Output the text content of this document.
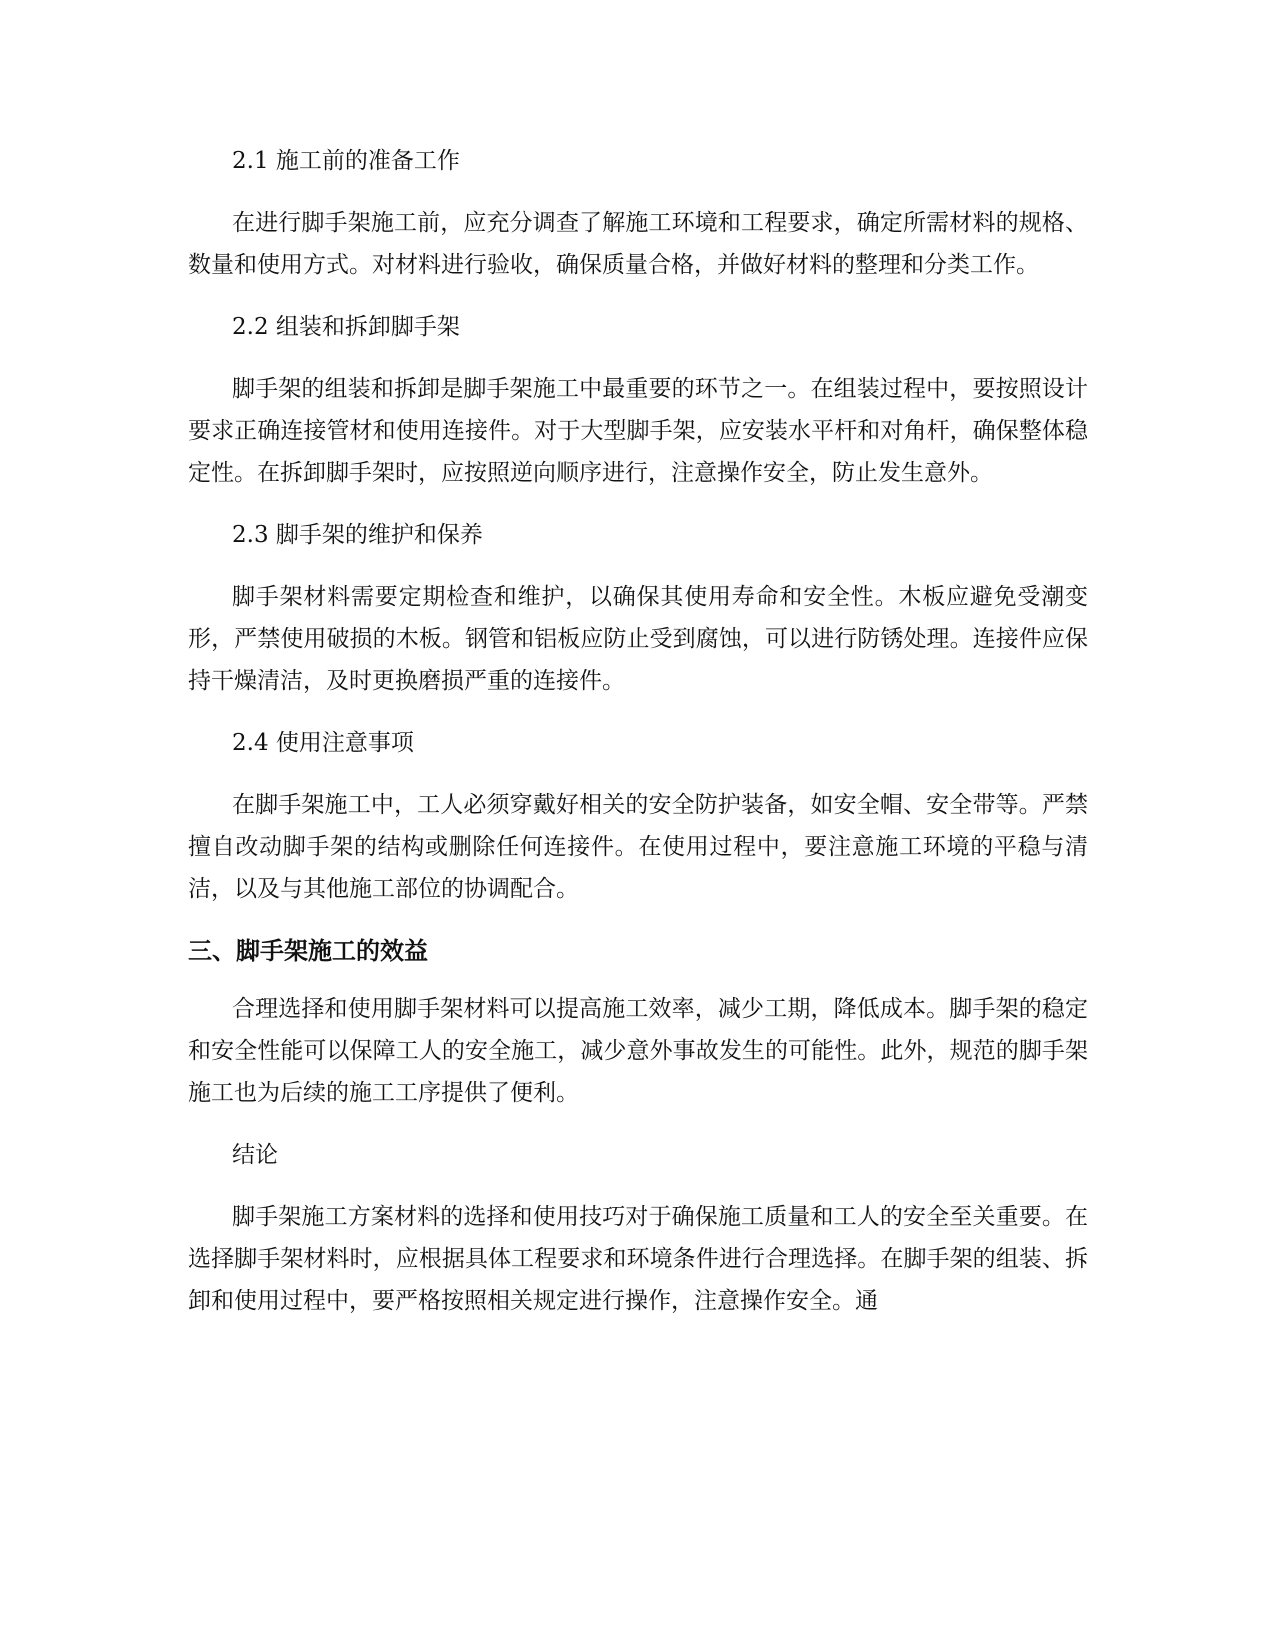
2.1 施工前的准备工作

在进行脚手架施工前，应充分调查了解施工环境和工程要求，确定所需材料的规格、数量和使用方式。对材料进行验收，确保质量合格，并做好材料的整理和分类工作。

2.2 组装和拆卸脚手架

脚手架的组装和拆卸是脚手架施工中最重要的环节之一。在组装过程中，要按照设计要求正确连接管材和使用连接件。对于大型脚手架，应安装水平杆和对角杆，确保整体稳定性。在拆卸脚手架时，应按照逆向顺序进行，注意操作安全，防止发生意外。

2.3 脚手架的维护和保养

脚手架材料需要定期检查和维护，以确保其使用寿命和安全性。木板应避免受潮变形，严禁使用破损的木板。钢管和铝板应防止受到腐蚀，可以进行防锈处理。连接件应保持干燥清洁，及时更换磨损严重的连接件。

2.4 使用注意事项

在脚手架施工中，工人必须穿戴好相关的安全防护装备，如安全帽、安全带等。严禁擅自改动脚手架的结构或删除任何连接件。在使用过程中，要注意施工环境的平稳与清洁，以及与其他施工部位的协调配合。

三、脚手架施工的效益

合理选择和使用脚手架材料可以提高施工效率，减少工期，降低成本。脚手架的稳定和安全性能可以保障工人的安全施工，减少意外事故发生的可能性。此外，规范的脚手架施工也为后续的施工工序提供了便利。

结论

脚手架施工方案材料的选择和使用技巧对于确保施工质量和工人的安全至关重要。在选择脚手架材料时，应根据具体工程要求和环境条件进行合理选择。在脚手架的组装、拆卸和使用过程中，要严格按照相关规定进行操作，注意操作安全。通
